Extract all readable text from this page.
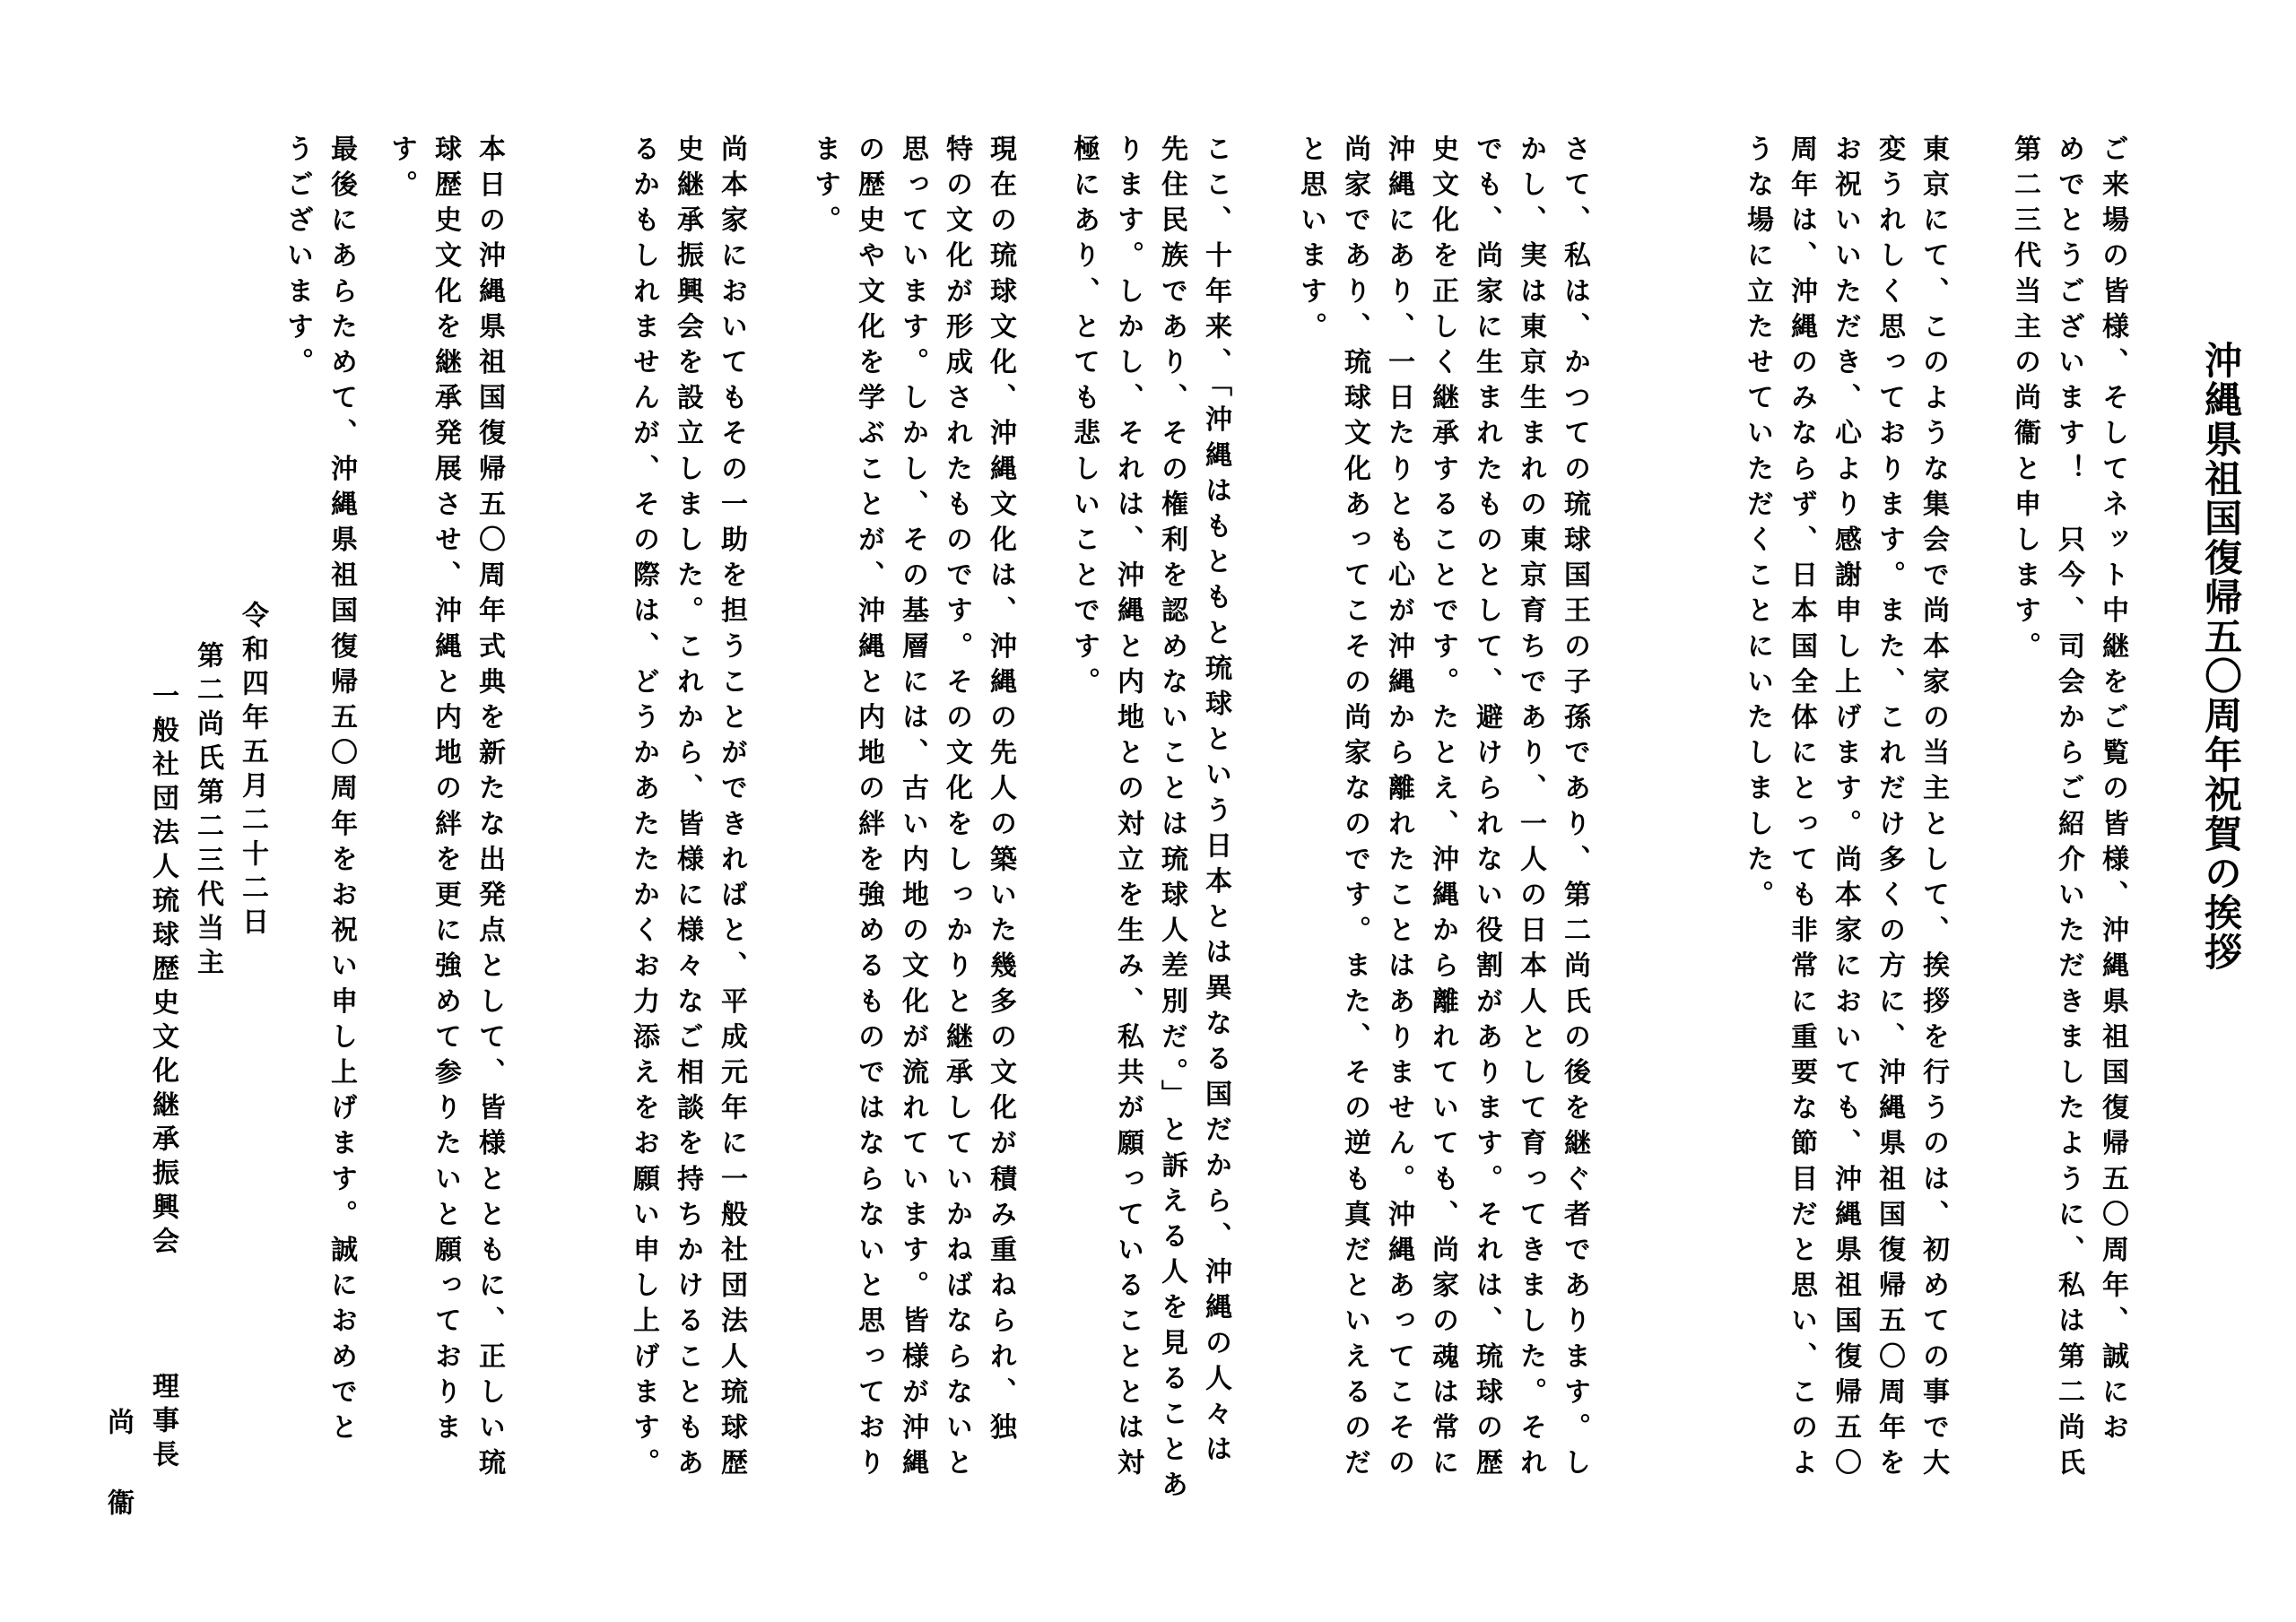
沖縄県祖国復帰五〇周年祝賀の挨拶
ご来場の皆様、そしてネット中継をご覧の皆様、沖縄県祖国復帰五〇周年、誠にお
めでとうございます！　只今、司会からご紹介いただきましたように、私は第二尚氏
第二三代当主の尚衞と申します。
東京にて、このような集会で尚本家の当主として、挨拶を行うのは、初めての事で大
変うれしく思っております。また、これだけ多くの方に、沖縄県祖国復帰五〇周年を
お祝いいただき、心より感謝申し上げます。尚本家においても、沖縄県祖国復帰五〇
周年は、沖縄のみならず、日本国全体にとっても非常に重要な節目だと思い、このよ
うな場に立たせていただくことにいたしました。
さて、私は、かつての琉球国王の子孫であり、第二尚氏の後を継ぐ者であります。し
かし、実は東京生まれの東京育ちであり、一人の日本人として育ってきました。それ
でも、尚家に生まれたものとして、避けられない役割があります。それは、琉球の歴
史文化を正しく継承することです。たとえ、沖縄から離れていても、尚家の魂は常に
沖縄にあり、一日たりとも心が沖縄から離れたことはありません。沖縄あってこその
尚家であり、琉球文化あってこその尚家なのです。また、その逆も真だといえるのだ
と思います。
ここ、十年来、「沖縄はもともと琉球という日本とは異なる国だから、沖縄の人々は
先住民族であり、その権利を認めないことは琉球人差別だ。」と訴える人を見ることあ
ります。しかし、それは、沖縄と内地との対立を生み、私共が願っていることとは対
極にあり、とても悲しいことです。
現在の琉球文化、沖縄文化は、沖縄の先人の築いた幾多の文化が積み重ねられ、独
特の文化が形成されたものです。その文化をしっかりと継承していかねばならないと
思っています。しかし、その基層には、古い内地の文化が流れています。皆様が沖縄
の歴史や文化を学ぶことが、沖縄と内地の絆を強めるものではならないと思っており
ます。
尚本家においてもその一助を担うことができればと、平成元年に一般社団法人琉球歴
史継承振興会を設立しました。これから、皆様に様々なご相談を持ちかけることもあ
るかもしれませんが、その際は、どうかあたたかくお力添えをお願い申し上げます。
本日の沖縄県祖国復帰五〇周年式典を新たな出発点として、皆様とともに、正しい琉
球歴史文化を継承発展させ、沖縄と内地の絆を更に強めて参りたいと願っておりま
す。
最後にあらためて、沖縄県祖国復帰五〇周年をお祝い申し上げます。誠におめでと
うございます。
令和四年五月二十二日
第二尚氏第二三代当主
一般社団法人琉球歴史文化継承振興会
理事長
尚衞
